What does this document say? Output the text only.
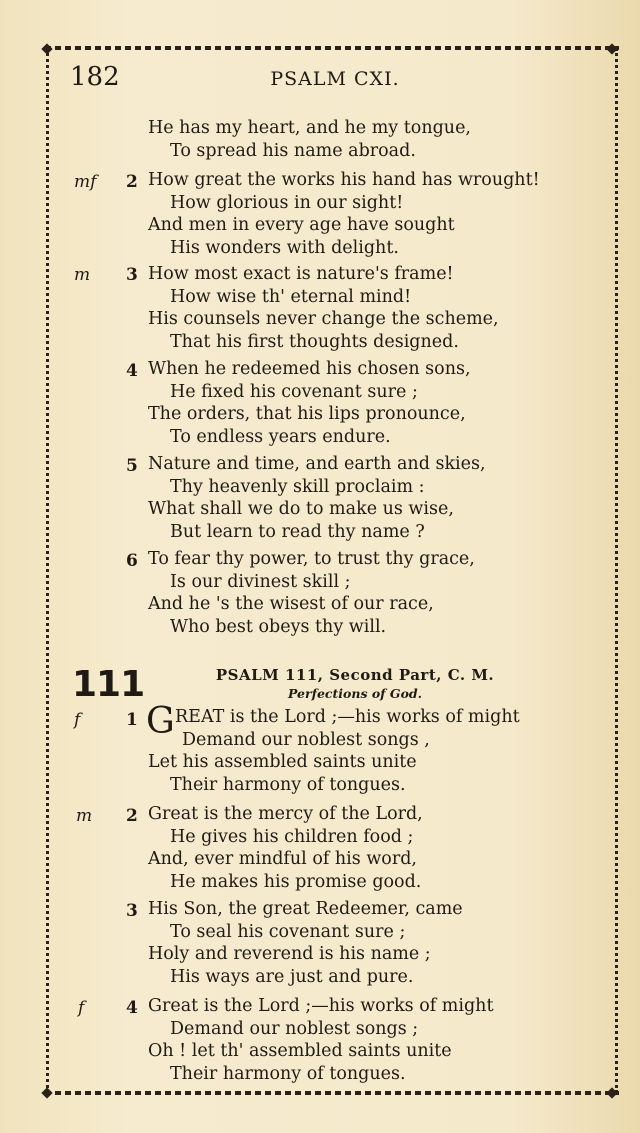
182	PSALM CXI.
He has my heart, and he my tongue,
To spread his name abroad.
mf 2 How great the works his hand has wrought!
How glorious in our sight!
And men in every age have sought
His wonders with delight.
m 3 How most exact is nature's frame!
How wise th' eternal mind!
His counsels never change the scheme,
That his first thoughts designed.
4 When he redeemed his chosen sons,
He fixed his covenant sure ;
The orders, that his lips pronounce,
To endless years endure.
5 Nature and time, and earth and skies,
Thy heavenly skill proclaim :
What shall we do to make us wise,
But learn to read thy name ?
6 To fear thy power, to trust thy grace,
Is our divinest skill ;
And he 's the wisest of our race,
Who best obeys thy will.
111	PSALM 111, Second Part, C. M.
Perfections of God.
f	1 G REAT is the Lord ;—his works of might
Demand our noblest songs ,
Let his assembled saints unite
Their harmony of tongues.
m 2 Great is the mercy of the Lord,
He gives his children food ;
And, ever mindful of his word,
He makes his promise good.
3 His Son, the great Redeemer, came
To seal his covenant sure ;
Holy and reverend is his name ;
His ways are just and pure.
f 4 Great is the Lord ;—his works of might
Demand our noblest songs ;
Oh ! let th' assembled saints unite
Their harmony of tongues.
